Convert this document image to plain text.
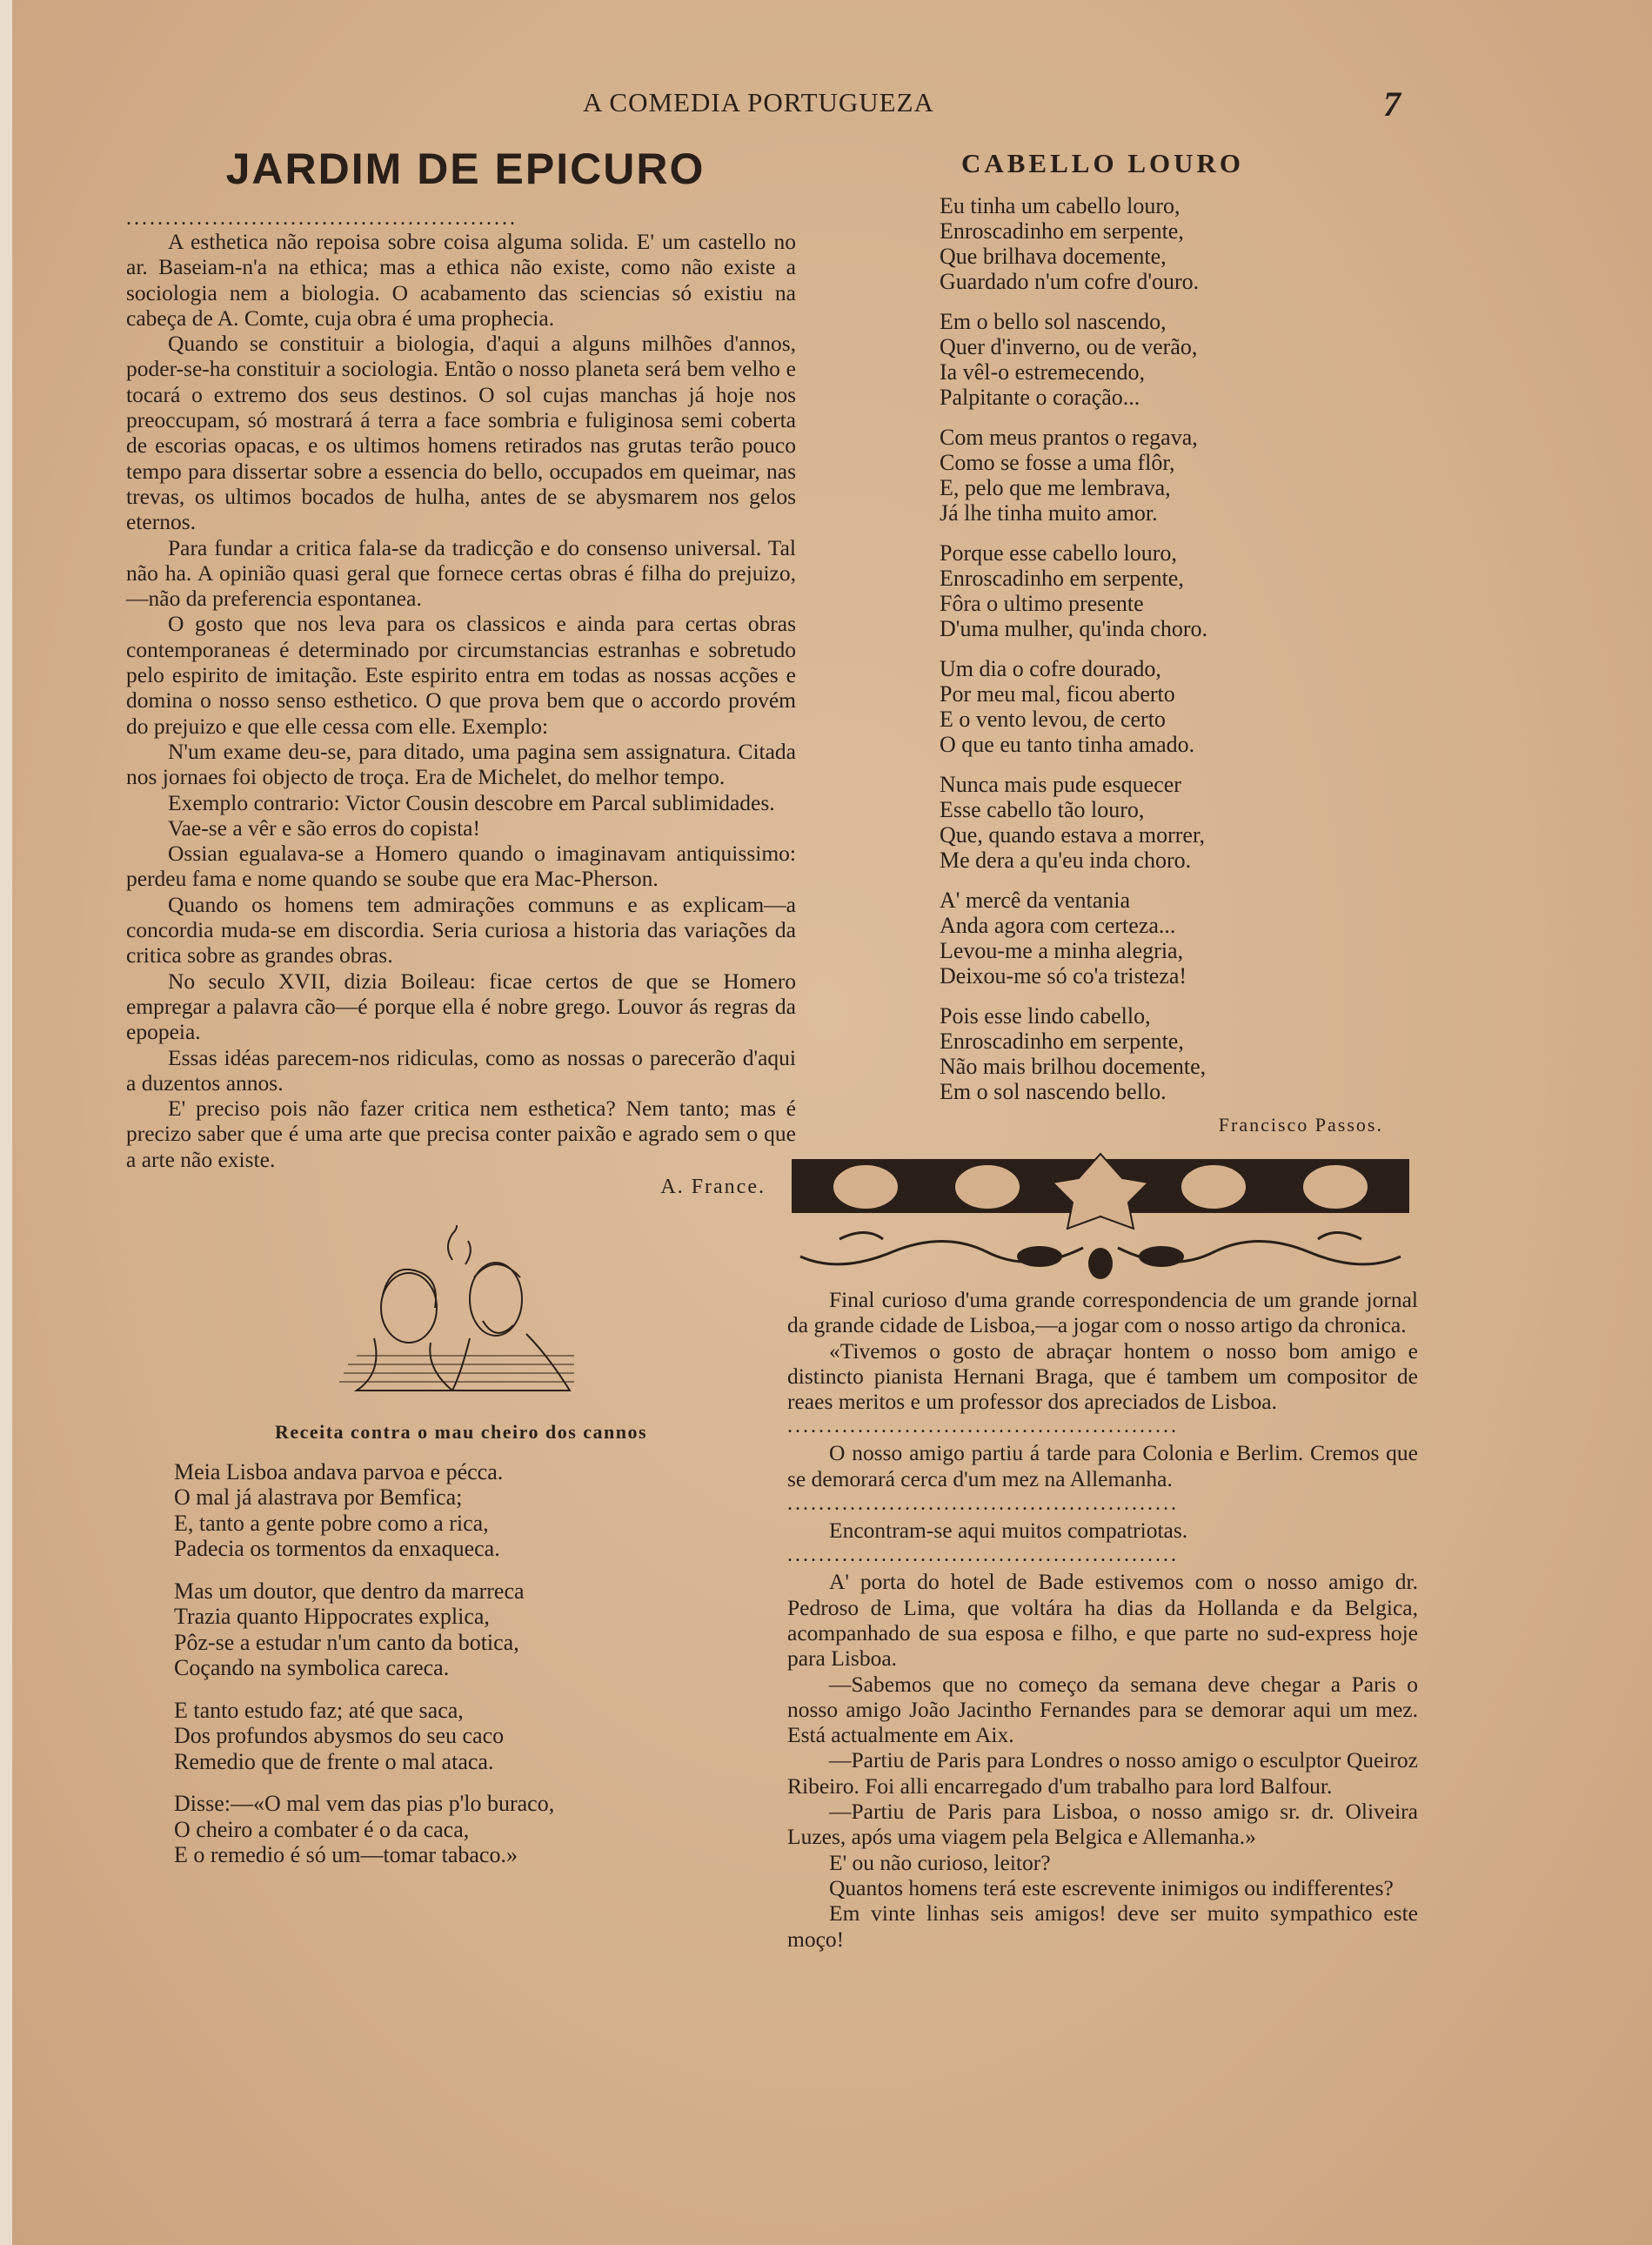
A COMEDIA PORTUGUEZA	7
JARDIM DE EPICURO
..................................................

A esthetica não repoisa sobre coisa alguma solida. E' um castello no ar. Baseiam-n'a na ethica; mas a ethica não existe, como não existe a sociologia nem a biologia. O acabamento das sciencias só existiu na cabeça de A. Comte, cuja obra é uma prophecia.

Quando se constituir a biologia, d'aqui a alguns milhões d'annos, poder-se-ha constituir a sociologia. Então o nosso planeta será bem velho e tocará o extremo dos seus destinos. O sol cujas manchas já hoje nos preoccupam, só mostrará á terra a face sombria e fuliginosa semi coberta de escorias opacas, e os ultimos homens retirados nas grutas terão pouco tempo para dissertar sobre a essencia do bello, occupados em queimar, nas trevas, os ultimos bocados de hulha, antes de se abysmarem nos gelos eternos.

Para fundar a critica fala-se da tradicção e do consenso universal. Tal não ha. A opinião quasi geral que fornece certas obras é filha do prejuizo,—não da preferencia espontanea.

O gosto que nos leva para os classicos e ainda para certas obras contemporaneas é determinado por circumstancias estranhas e sobretudo pelo espirito de imitação. Este espirito entra em todas as nossas acções e domina o nosso senso esthetico. O que prova bem que o accordo provém do prejuizo e que elle cessa com elle. Exemplo:

N'um exame deu-se, para ditado, uma pagina sem assignatura. Citada nos jornaes foi objecto de troça. Era de Michelet, do melhor tempo.

Exemplo contrario: Victor Cousin descobre em Parcal sublimidades.

Vae-se a vêr e são erros do copista!

Ossian egualava-se a Homero quando o imaginavam antiquissimo: perdeu fama e nome quando se soube que era Mac-Pherson.

Quando os homens tem admirações communs e as explicam—a concordia muda-se em discordia. Seria curiosa a historia das variações da critica sobre as grandes obras.

No seculo XVII, dizia Boileau: ficae certos de que se Homero empregar a palavra cão—é porque ella é nobre grego. Louvor ás regras da epopeia.

Essas idéas parecem-nos ridiculas, como as nossas o parecerão d'aqui a duzentos annos.

E' preciso pois não fazer critica nem esthetica? Nem tanto; mas é precizo saber que é uma arte que precisa conter paixão e agrado sem o que a arte não existe.

A. France.
Receita contra o mau cheiro dos cannos
Meia Lisboa andava parvoa e pécca.
O mal já alastrava por Bemfica;
E, tanto a gente pobre como a rica,
Padecia os tormentos da enxaqueca.
Mas um doutor, que dentro da marreca
Trazia quanto Hippocrates explica,
Pôz-se a estudar n'um canto da botica,
Coçando na symbolica careca.
E tanto estudo faz; até que saca,
Dos profundos abysmos do seu caco
Remedio que de frente o mal ataca.
Disse:—«O mal vem das pias p'lo buraco,
O cheiro a combater é o da caca,
E o remedio é só um—tomar tabaco.»
CABELLO LOURO
Eu tinha um cabello louro,
Enroscadinho em serpente,
Que brilhava docemente,
Guardado n'um cofre d'ouro.
Em o bello sol nascendo,
Quer d'inverno, ou de verão,
Ia vêl-o estremecendo,
Palpitante o coração...
Com meus prantos o regava,
Como se fosse a uma flôr,
E, pelo que me lembrava,
Já lhe tinha muito amor.
Porque esse cabello louro,
Enroscadinho em serpente,
Fôra o ultimo presente
D'uma mulher, qu'inda choro.
Um dia o cofre dourado,
Por meu mal, ficou aberto
E o vento levou, de certo
O que eu tanto tinha amado.
Nunca mais pude esquecer
Esse cabello tão louro,
Que, quando estava a morrer,
Me dera a qu'eu inda choro.
A' mercê da ventania
Anda agora com certeza...
Levou-me a minha alegria,
Deixou-me só co'a tristeza!
Pois esse lindo cabello,
Enroscadinho em serpente,
Não mais brilhou docemente,
Em o sol nascendo bello.
Francisco Passos.

Final curioso d'uma grande correspondencia de um grande jornal da grande cidade de Lisboa,—a jogar com o nosso artigo da chronica.

«Tivemos o gosto de abraçar hontem o nosso bom amigo e distincto pianista Hernani Braga, que é tambem um compositor de reaes meritos e um professor dos apreciados de Lisboa.

..................................................

O nosso amigo partiu á tarde para Colonia e Berlim. Cremos que se demorará cerca d'um mez na Allemanha.

..................................................

Encontram-se aqui muitos compatriotas.

..................................................

A' porta do hotel de Bade estivemos com o nosso amigo dr. Pedroso de Lima, que voltára ha dias da Hollanda e da Belgica, acompanhado de sua esposa e filho, e que parte no sud-express hoje para Lisboa.

—Sabemos que no começo da semana deve chegar a Paris o nosso amigo João Jacintho Fernandes para se demorar aqui um mez. Está actualmente em Aix.

—Partiu de Paris para Londres o nosso amigo o esculptor Queiroz Ribeiro. Foi alli encarregado d'um trabalho para lord Balfour.

—Partiu de Paris para Lisboa, o nosso amigo sr. dr. Oliveira Luzes, após uma viagem pela Belgica e Allemanha.»

E' ou não curioso, leitor?

Quantos homens terá este escrevente inimigos ou indifferentes?

Em vinte linhas seis amigos! deve ser muito sympathico este moço!
